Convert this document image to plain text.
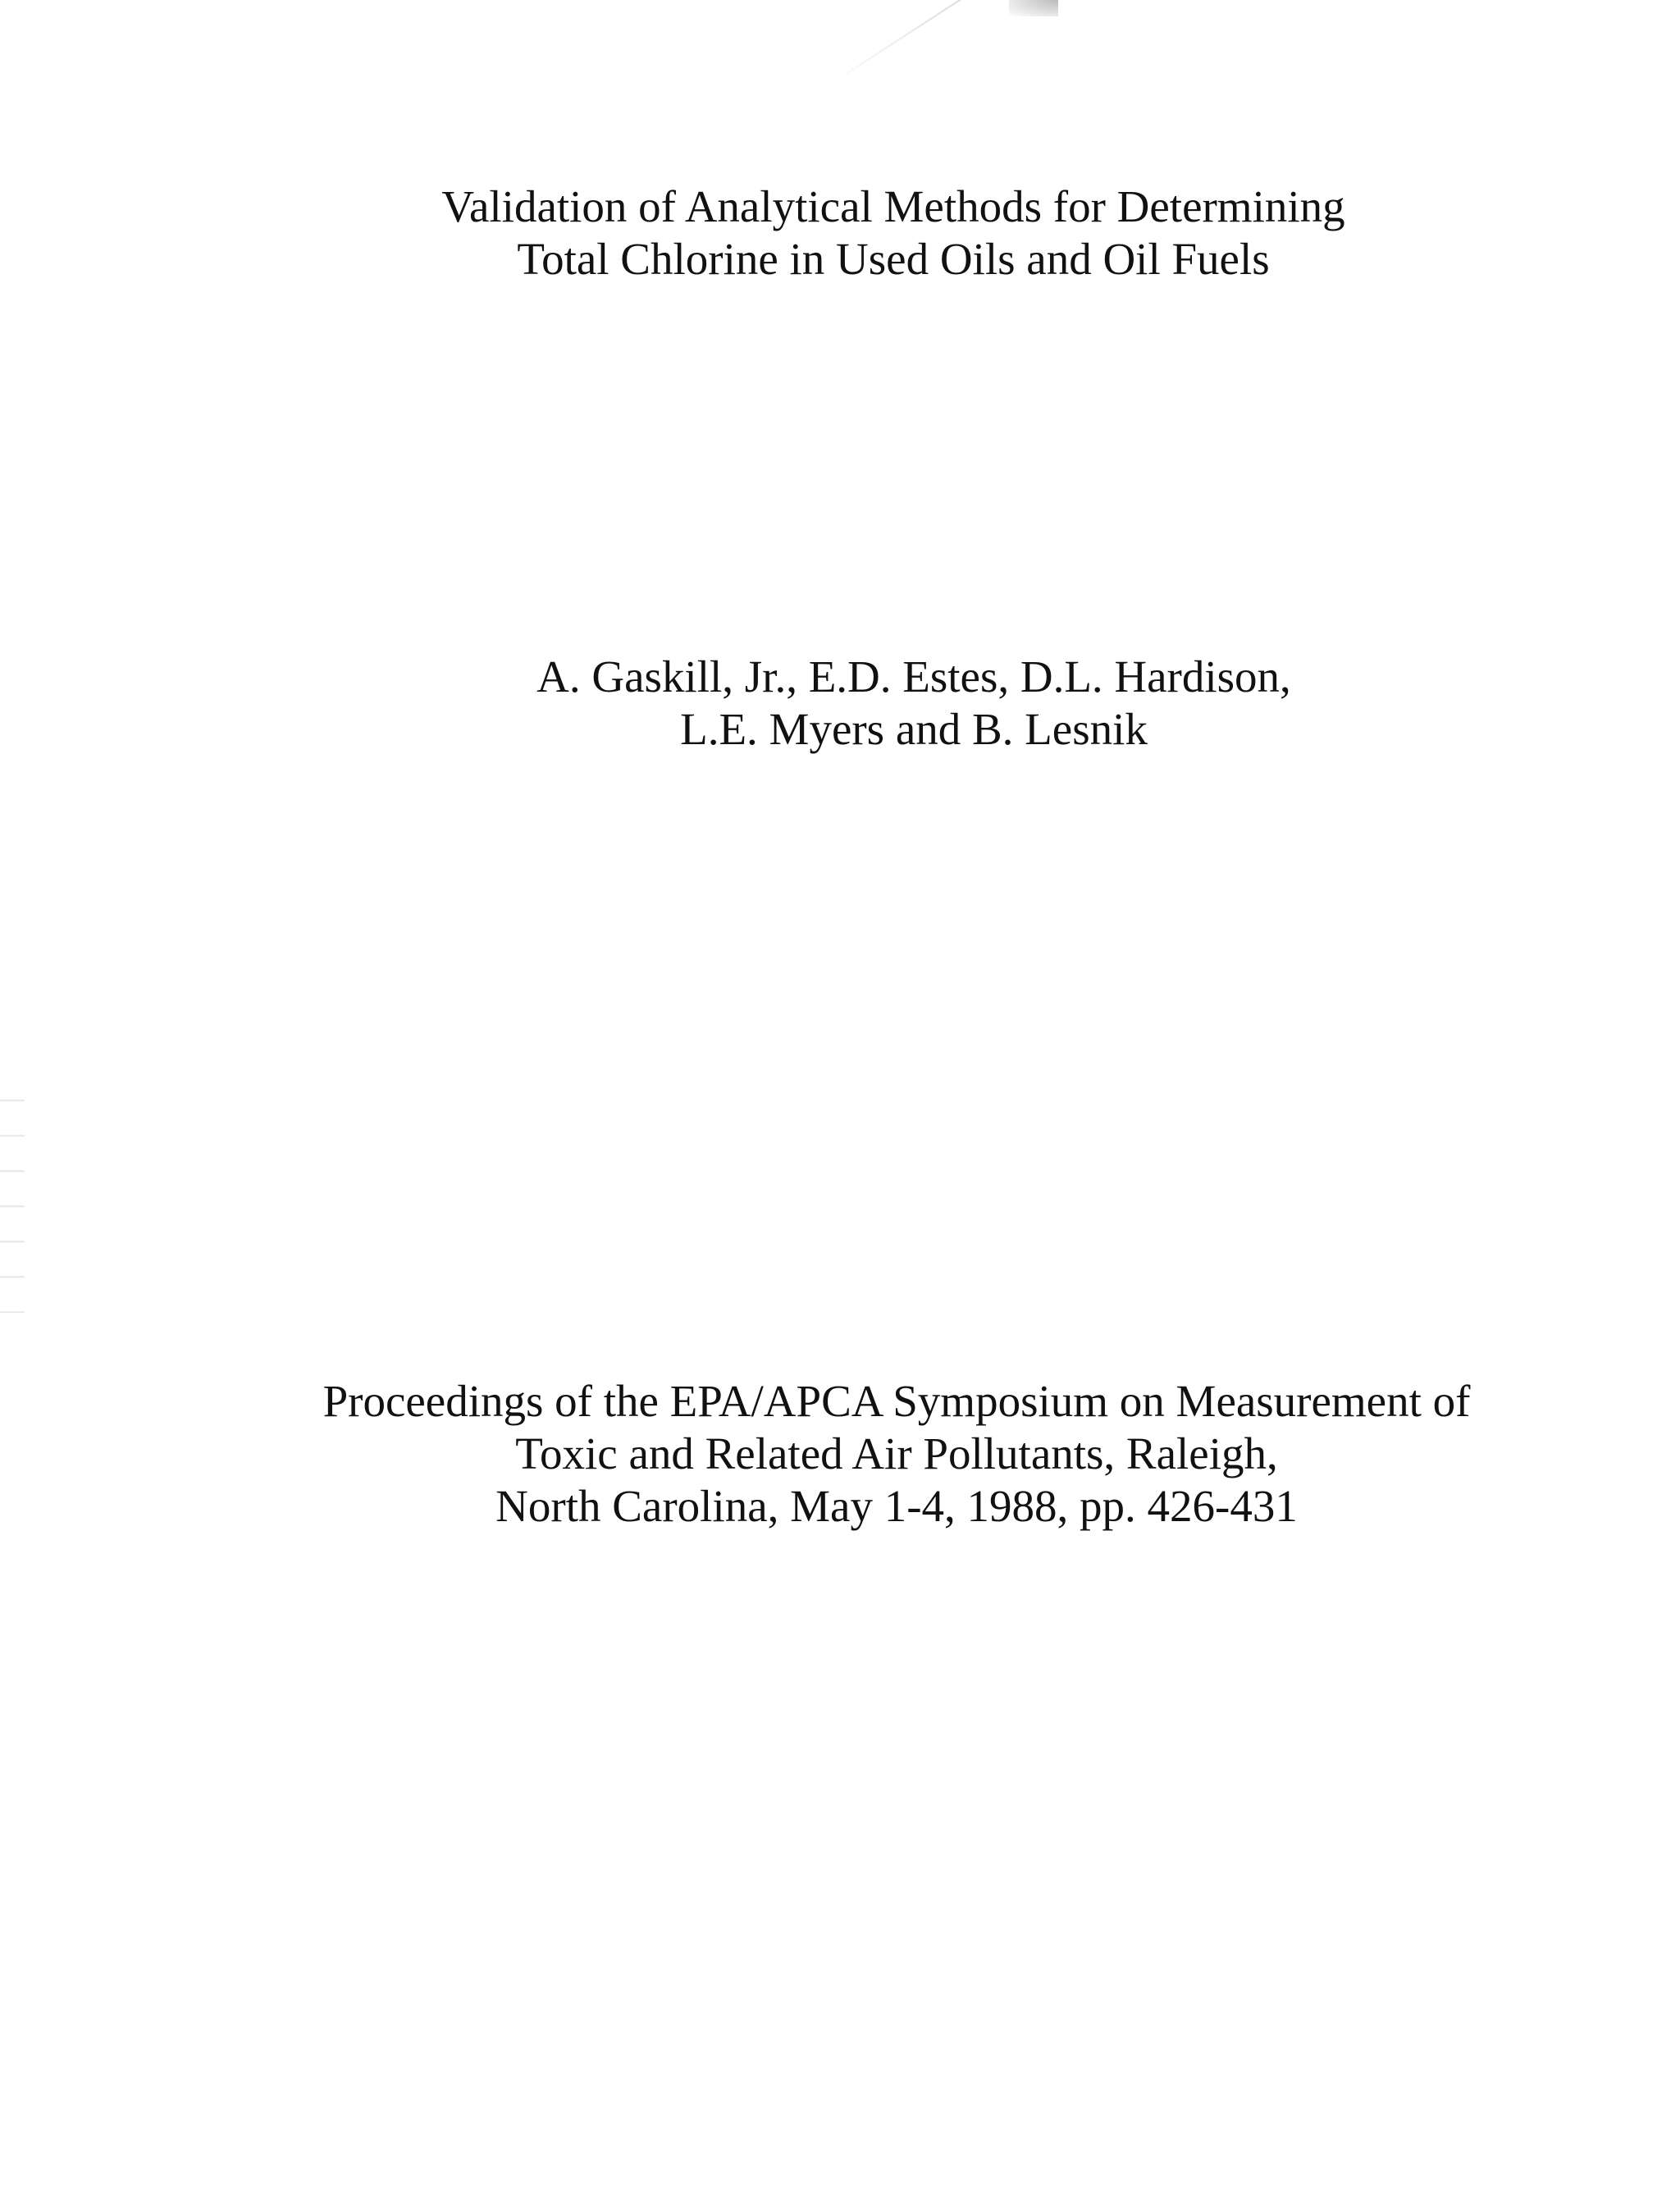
Validation of Analytical Methods for Determining
Total Chlorine in Used Oils and Oil Fuels
A. Gaskill, Jr., E.D. Estes, D.L. Hardison,
L.E. Myers and B. Lesnik
Proceedings of the EPA/APCA Symposium on Measurement of
Toxic and Related Air Pollutants, Raleigh,
North Carolina, May 1-4, 1988, pp. 426-431
